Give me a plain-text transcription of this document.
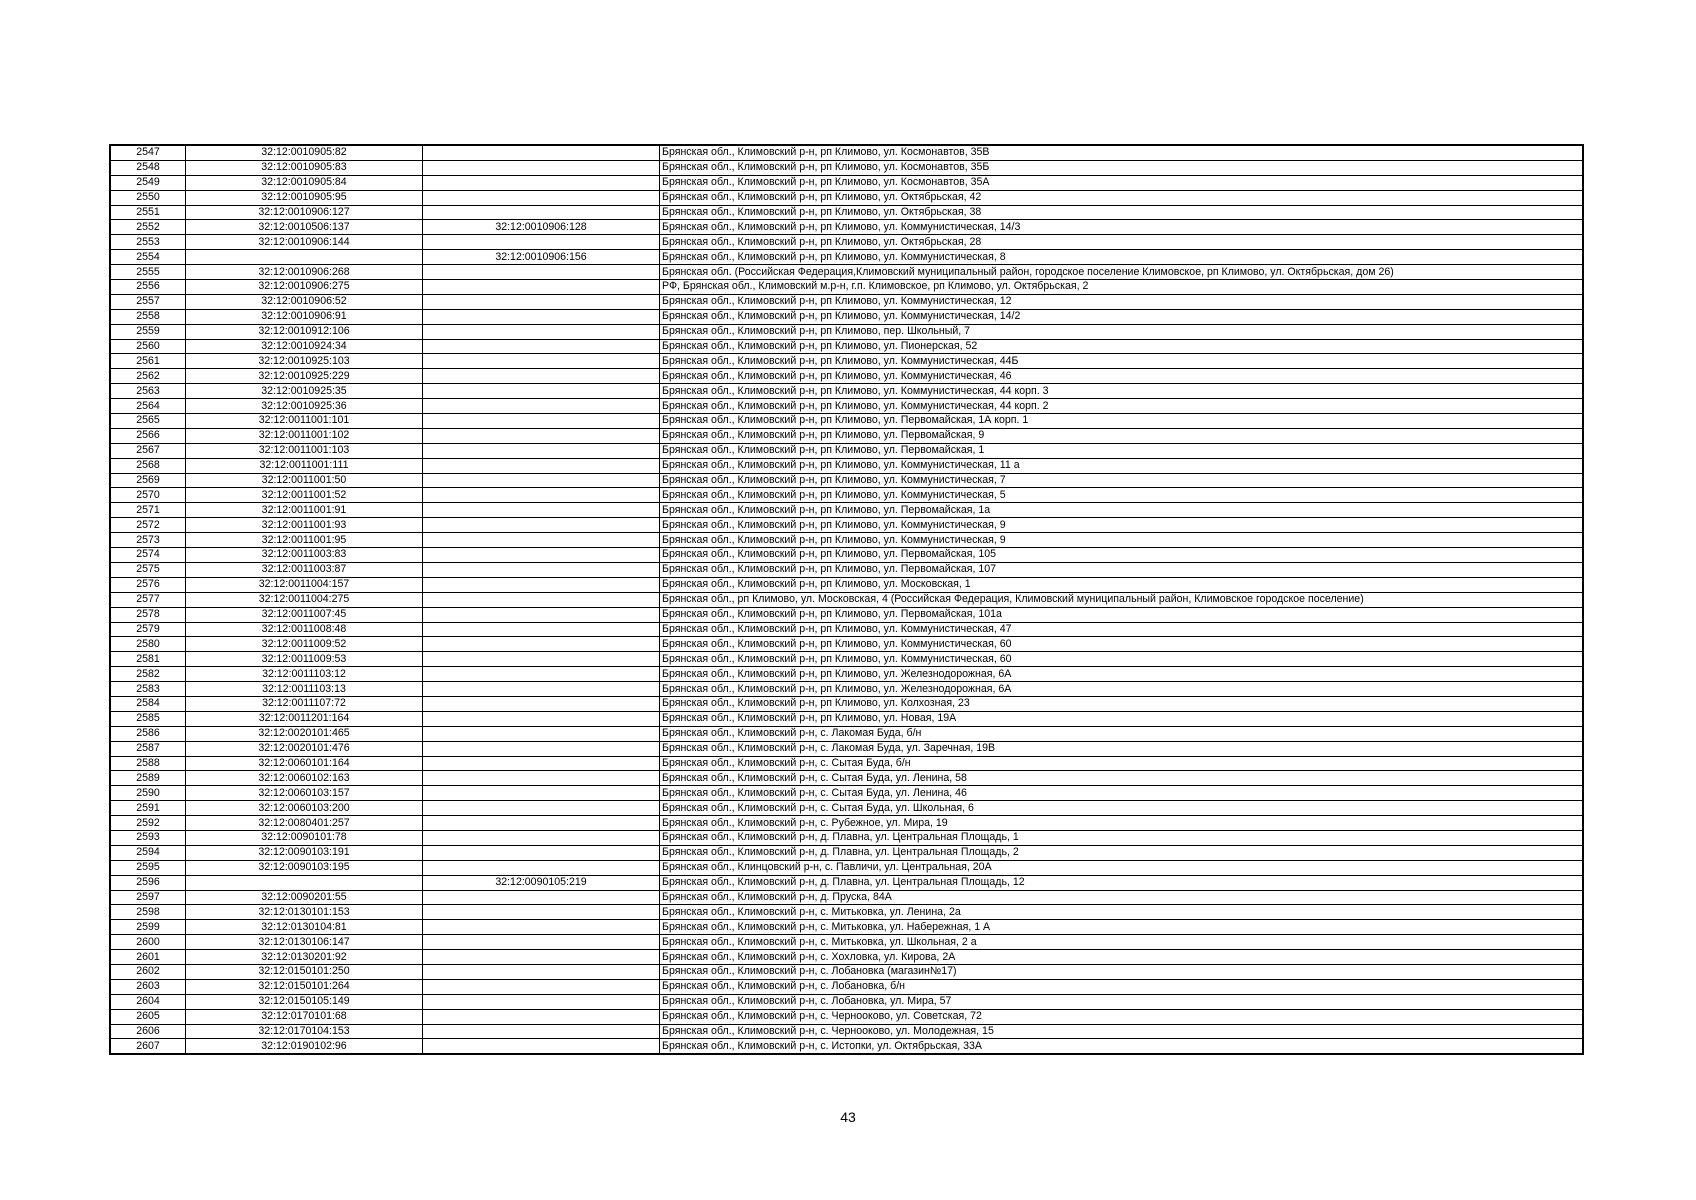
2547	32:12:0010905:82		Брянская обл., Климовский р-н, рп Климово, ул. Космонавтов, 35В
2548	32:12:0010905:83		Брянская обл., Климовский р-н, рп Климово, ул. Космонавтов, 35Б
2549	32:12:0010905:84		Брянская обл., Климовский р-н, рп Климово, ул. Космонавтов, 35А
2550	32:12:0010905:95		Брянская обл., Климовский р-н, рп Климово, ул. Октябрьская, 42
2551	32:12:0010906:127		Брянская обл., Климовский р-н, рп Климово, ул. Октябрьская, 38
2552	32:12:0010506:137	32:12:0010906:128	Брянская обл., Климовский р-н, рп Климово, ул. Коммунистическая, 14/3
2553	32:12:0010906:144		Брянская обл., Климовский р-н, рп Климово, ул. Октябрьская, 28
2554		32:12:0010906:156	Брянская обл., Климовский р-н, рп Климово, ул. Коммунистическая, 8
2555	32:12:0010906:268		Брянская обл. (Российская Федерация,Климовский муниципальный район, городское поселение Климовское, рп Климово, ул. Октябрьская, дом 26)
2556	32:12:0010906:275		РФ, Брянская обл., Климовский м.р-н, г.п. Климовское, рп Климово, ул. Октябрьская, 2
2557	32:12:0010906:52		Брянская обл., Климовский р-н, рп Климово, ул. Коммунистическая, 12
2558	32:12:0010906:91		Брянская обл., Климовский р-н, рп Климово, ул. Коммунистическая, 14/2
2559	32:12:0010912:106		Брянская обл., Климовский р-н, рп Климово, пер. Школьный, 7
2560	32:12:0010924:34		Брянская обл., Климовский р-н, рп Климово, ул. Пионерская, 52
2561	32:12:0010925:103		Брянская обл., Климовский р-н, рп Климово, ул. Коммунистическая, 44Б
2562	32:12:0010925:229		Брянская обл., Климовский р-н, рп Климово, ул. Коммунистическая, 46
2563	32:12:0010925:35		Брянская обл., Климовский р-н, рп Климово, ул. Коммунистическая, 44 корп. 3
2564	32:12:0010925:36		Брянская обл., Климовский р-н, рп Климово, ул. Коммунистическая, 44 корп. 2
2565	32:12:0011001:101		Брянская обл., Климовский р-н, рп Климово, ул. Первомайская, 1А корп. 1
2566	32:12:0011001:102		Брянская обл., Климовский р-н, рп Климово, ул. Первомайская, 9
2567	32:12:0011001:103		Брянская обл., Климовский р-н, рп Климово, ул. Первомайская, 1
2568	32:12:0011001:111		Брянская обл., Климовский р-н, рп Климово, ул. Коммунистическая, 11 а
2569	32:12:0011001:50		Брянская обл., Климовский р-н, рп Климово, ул. Коммунистическая, 7
2570	32:12:0011001:52		Брянская обл., Климовский р-н, рп Климово, ул. Коммунистическая, 5
2571	32:12:0011001:91		Брянская обл., Климовский р-н, рп Климово, ул. Первомайская, 1а
2572	32:12:0011001:93		Брянская обл., Климовский р-н, рп Климово, ул. Коммунистическая, 9
2573	32:12:0011001:95		Брянская обл., Климовский р-н, рп Климово, ул. Коммунистическая, 9
2574	32:12:0011003:83		Брянская обл., Климовский р-н, рп Климово, ул. Первомайская, 105
2575	32:12:0011003:87		Брянская обл., Климовский р-н, рп Климово, ул. Первомайская, 107
2576	32:12:0011004:157		Брянская обл., Климовский р-н, рп Климово, ул. Московская, 1
2577	32:12:0011004:275		Брянская обл., рп Климово, ул. Московская, 4 (Российская Федерация, Климовский муниципальный район, Климовское городское поселение)
2578	32:12:0011007:45		Брянская обл., Климовский р-н, рп Климово, ул. Первомайская, 101а
2579	32:12:0011008:48		Брянская обл., Климовский р-н, рп Климово, ул. Коммунистическая, 47
2580	32:12:0011009:52		Брянская обл., Климовский р-н, рп Климово, ул. Коммунистическая, 60
2581	32:12:0011009:53		Брянская обл., Климовский р-н, рп Климово, ул. Коммунистическая, 60
2582	32:12:0011103:12		Брянская обл., Климовский р-н, рп Климово, ул. Железнодорожная, 6А
2583	32:12:0011103:13		Брянская обл., Климовский р-н, рп Климово, ул. Железнодорожная, 6А
2584	32:12:0011107:72		Брянская обл., Климовский р-н, рп Климово, ул. Колхозная, 23
2585	32:12:0011201:164		Брянская обл., Климовский р-н, рп Климово, ул. Новая, 19А
2586	32:12:0020101:465		Брянская обл., Климовский р-н, с. Лакомая Буда, б/н
2587	32:12:0020101:476		Брянская обл., Климовский р-н, с. Лакомая Буда, ул. Заречная, 19В
2588	32:12:0060101:164		Брянская обл., Климовский р-н, с. Сытая Буда, б/н
2589	32:12:0060102:163		Брянская обл., Климовский р-н, с. Сытая Буда, ул. Ленина, 58
2590	32:12:0060103:157		Брянская обл., Климовский р-н, с. Сытая Буда, ул. Ленина, 46
2591	32:12:0060103:200		Брянская обл., Климовский р-н, с. Сытая Буда, ул. Школьная, 6
2592	32:12:0080401:257		Брянская обл., Климовский р-н, с. Рубежное, ул. Мира, 19
2593	32:12:0090101:78		Брянская обл., Климовский р-н, д. Плавна, ул. Центральная Площадь, 1
2594	32:12:0090103:191		Брянская обл., Климовский р-н, д. Плавна, ул. Центральная Площадь, 2
2595	32:12:0090103:195		Брянская обл., Клинцовский р-н, с. Павличи, ул. Центральная, 20А
2596		32:12:0090105:219	Брянская обл., Климовский р-н, д. Плавна, ул. Центральная Площадь, 12
2597	32:12:0090201:55		Брянская обл., Климовский р-н, д. Пруска, 84А
2598	32:12:0130101:153		Брянская обл., Климовский р-н, с. Митьковка, ул. Ленина, 2а
2599	32:12:0130104:81		Брянская обл., Климовский р-н, с. Митьковка, ул. Набережная, 1 А
2600	32:12:0130106:147		Брянская обл., Климовский р-н, с. Митьковка, ул. Школьная, 2 а
2601	32:12:0130201:92		Брянская обл., Климовский р-н, с. Хохловка, ул. Кирова, 2А
2602	32:12:0150101:250		Брянская обл., Климовский р-н, с. Лобановка (магазин№17)
2603	32:12:0150101:264		Брянская обл., Климовский р-н, с. Лобановка, б/н
2604	32:12:0150105:149		Брянская обл., Климовский р-н, с. Лобановка, ул. Мира, 57
2605	32:12:0170101:68		Брянская обл., Климовский р-н, с. Чернооково, ул. Советская, 72
2606	32:12:0170104:153		Брянская обл., Климовский р-н, с. Чернооково, ул. Молодежная, 15
2607	32:12:0190102:96		Брянская обл., Климовский р-н, с. Истопки, ул. Октябрьская, 33А
43
